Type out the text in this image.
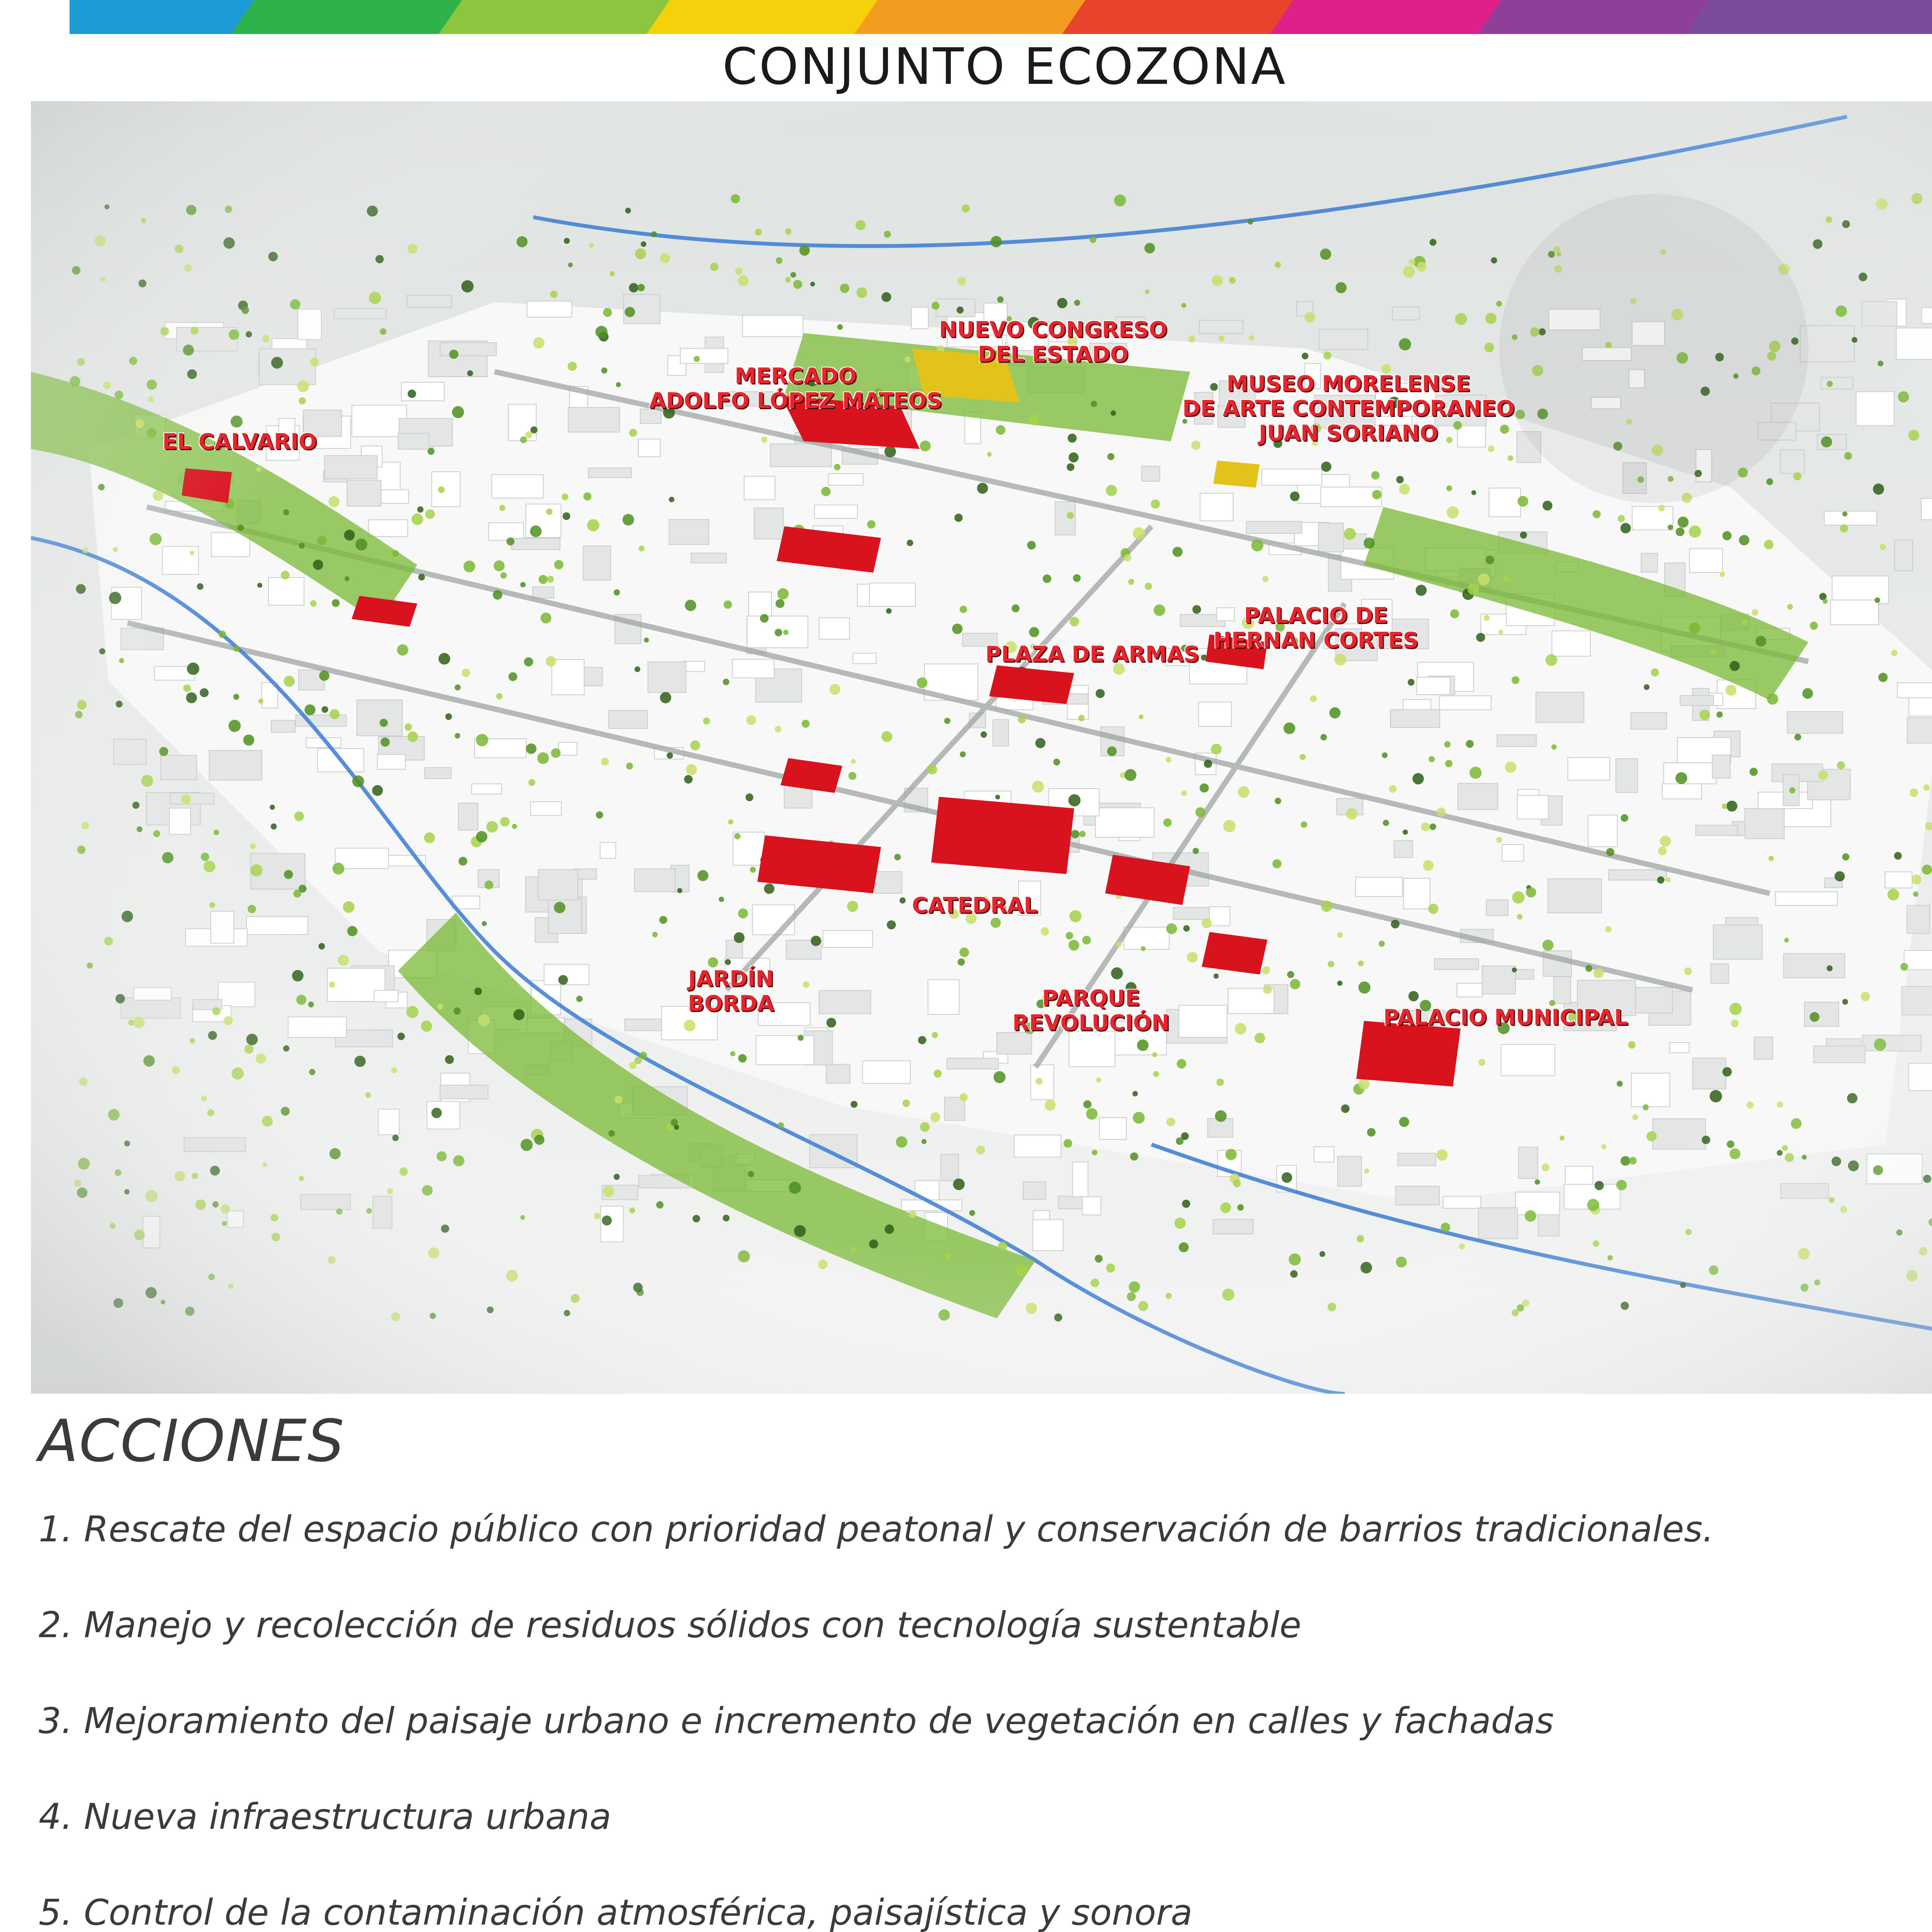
CONJUNTO ECOZONA
EL CALVARIO
MERCADO
ADOLFO LÓPEZ MATEOS
NUEVO CONGRESO
DEL ESTADO
MUSEO MORELENSE
DE ARTE CONTEMPORANEO
JUAN SORIANO
PALACIO DE
HERNAN CORTES
PLAZA DE ARMAS
CATEDRAL
JARDÍN
BORDA	PARQUE
REVOLUCIÓN	PALACIO MUNICIPAL
ACCIONES
1. Rescate del espacio público con prioridad peatonal y conservación de barrios tradicionales.
2. Manejo y recolección de residuos sólidos con tecnología sustentable
3. Mejoramiento del paisaje urbano e incremento de vegetación en calles y fachadas
4. Nueva infraestructura urbana
5. Control de la contaminación atmosférica, paisajística y sonora
